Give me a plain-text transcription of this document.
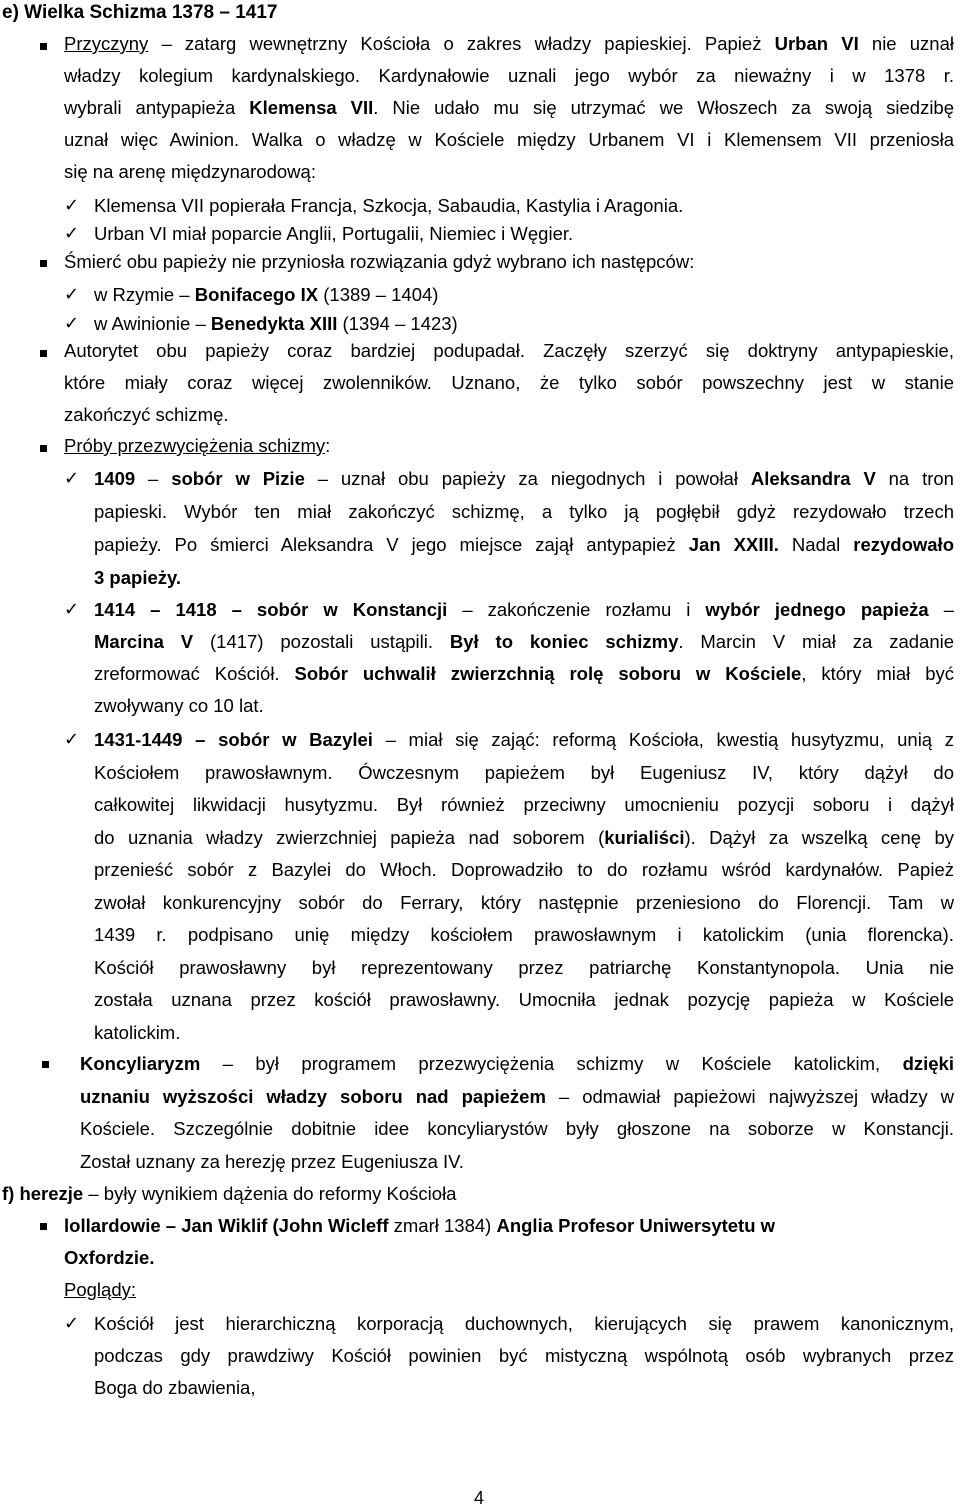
e) Wielka Schizma 1378 – 1417
Przyczyny – zatarg wewnętrzny Kościoła o zakres władzy papieskiej. Papież Urban VI nie uznał
władzy kolegium kardynalskiego. Kardynałowie uznali jego wybór za nieważny i w 1378 r.
wybrali antypapieża Klemensa VII. Nie udało mu się utrzymać we Włoszech za swoją siedzibę
uznał więc Awinion. Walka o władzę w Kościele między Urbanem VI i Klemensem VII przeniosła
się na arenę międzynarodową:
✓ Klemensa VII popierała Francja, Szkocja, Sabaudia, Kastylia i Aragonia.
✓ Urban VI miał poparcie Anglii, Portugalii, Niemiec i Węgier.
Śmierć obu papieży nie przyniosła rozwiązania gdyż wybrano ich następców:
✓ w Rzymie – Bonifacego IX (1389 – 1404)
✓ w Awinionie – Benedykta XIII (1394 – 1423)
Autorytet obu papieży coraz bardziej podupadał. Zaczęły szerzyć się doktryny antypapieskie,
które miały coraz więcej zwolenników. Uznano, że tylko sobór powszechny jest w stanie
zakończyć schizmę.
Próby przezwyciężenia schizmy:
✓ 1409 – sobór w Pizie – uznał obu papieży za niegodnych i powołał Aleksandra V na tron
papieski. Wybór ten miał zakończyć schizmę, a tylko ją pogłębił gdyż rezydowało trzech
papieży. Po śmierci Aleksandra V jego miejsce zajął antypapież Jan XXIII. Nadal rezydowało
3 papieży.
✓ 1414 – 1418 – sobór w Konstancji – zakończenie rozłamu i wybór jednego papieża –
Marcina V (1417) pozostali ustąpili. Był to koniec schizmy. Marcin V miał za zadanie
zreformować Kościół. Sobór uchwalił zwierzchnią rolę soboru w Kościele, który miał być
zwoływany co 10 lat.
✓ 1431-1449 – sobór w Bazylei – miał się zająć: reformą Kościoła, kwestią husytyzmu, unią z
Kościołem prawosławnym. Ówczesnym papieżem był Eugeniusz IV, który dążył do
całkowitej likwidacji husytyzmu. Był również przeciwny umocnieniu pozycji soboru i dążył
do uznania władzy zwierzchniej papieża nad soborem (kurialiści). Dążył za wszelką cenę by
przenieść sobór z Bazylei do Włoch. Doprowadziło to do rozłamu wśród kardynałów. Papież
zwołał konkurencyjny sobór do Ferrary, który następnie przeniesiono do Florencji. Tam w
1439 r. podpisano unię między kościołem prawosławnym i katolickim (unia florencka).
Kościół prawosławny był reprezentowany przez patriarchę Konstantynopola. Unia nie
została uznana przez kościół prawosławny. Umocniła jednak pozycję papieża w Kościele
katolickim.
Koncyliaryzm – był programem przezwyciężenia schizmy w Kościele katolickim, dzięki
uznaniu wyższości władzy soboru nad papieżem – odmawiał papieżowi najwyższej władzy w
Kościele. Szczególnie dobitnie idee koncyliarystów były głoszone na soborze w Konstancji.
Został uznany za herezję przez Eugeniusza IV.
f) herezje – były wynikiem dążenia do reformy Kościoła
lollardowie – Jan Wiklif (John Wicleff zmarł 1384) Anglia Profesor Uniwersytetu w
Oxfordzie.
Poglądy:
✓ Kościół jest hierarchiczną korporacją duchownych, kierujących się prawem kanonicznym,
podczas gdy prawdziwy Kościół powinien być mistyczną wspólnotą osób wybranych przez
Boga do zbawienia,
4
